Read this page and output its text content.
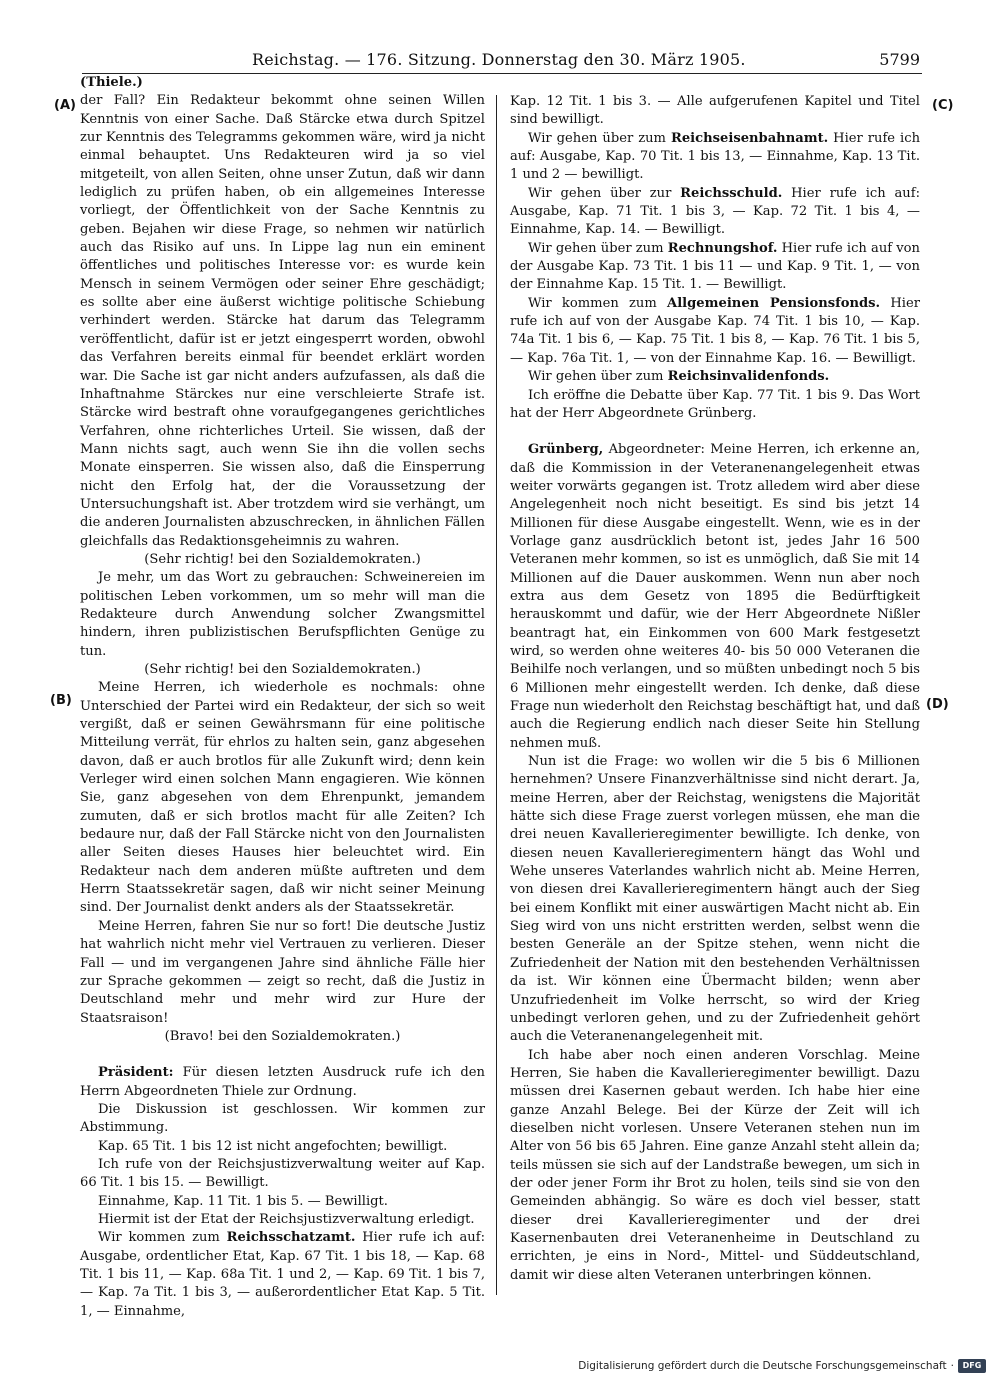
Reichstag. — 176. Sitzung. Donnerstag den 30. März 1905.	5799
(A)
(B)
(C)
(D)

(Thiele.)

der Fall? Ein Redakteur bekommt ohne seinen Willen Kenntnis von einer Sache. Daß Stärcke etwa durch Spitzel zur Kenntnis des Telegramms gekommen wäre, wird ja nicht einmal behauptet. Uns Redakteuren wird ja so viel mitgeteilt, von allen Seiten, ohne unser Zutun, daß wir dann lediglich zu prüfen haben, ob ein allgemeines Interesse vorliegt, der Öffentlichkeit von der Sache Kenntnis zu geben. Bejahen wir diese Frage, so nehmen wir natürlich auch das Risiko auf uns. In Lippe lag nun ein eminent öffentliches und politisches Interesse vor: es wurde kein Mensch in seinem Vermögen oder seiner Ehre geschädigt; es sollte aber eine äußerst wichtige politische Schiebung verhindert werden. Stärcke hat darum das Telegramm veröffentlicht, dafür ist er jetzt eingesperrt worden, obwohl das Verfahren bereits einmal für beendet erklärt worden war. Die Sache ist gar nicht anders aufzufassen, als daß die Inhaftnahme Stärckes nur eine verschleierte Strafe ist. Stärcke wird bestraft ohne voraufgegangenes gerichtliches Verfahren, ohne richterliches Urteil. Sie wissen, daß der Mann nichts sagt, auch wenn Sie ihn die vollen sechs Monate einsperren. Sie wissen also, daß die Einsperrung nicht den Erfolg hat, der die Voraussetzung der Untersuchungshaft ist. Aber trotzdem wird sie verhängt, um die anderen Journalisten abzuschrecken, in ähnlichen Fällen gleichfalls das Redaktionsgeheimnis zu wahren.

(Sehr richtig! bei den Sozialdemokraten.)

Je mehr, um das Wort zu gebrauchen: Schweinereien im politischen Leben vorkommen, um so mehr will man die Redakteure durch Anwendung solcher Zwangsmittel hindern, ihren publizistischen Berufspflichten Genüge zu tun.

(Sehr richtig! bei den Sozialdemokraten.)

Meine Herren, ich wiederhole es nochmals: ohne Unterschied der Partei wird ein Redakteur, der sich so weit vergißt, daß er seinen Gewährsmann für eine politische Mitteilung verrät, für ehrlos zu halten sein, ganz abgesehen davon, daß er auch brotlos für alle Zukunft wird; denn kein Verleger wird einen solchen Mann engagieren. Wie können Sie, ganz abgesehen von dem Ehrenpunkt, jemandem zumuten, daß er sich brotlos macht für alle Zeiten? Ich bedaure nur, daß der Fall Stärcke nicht von den Journalisten aller Seiten dieses Hauses hier beleuchtet wird. Ein Redakteur nach dem anderen müßte auftreten und dem Herrn Staatssekretär sagen, daß wir nicht seiner Meinung sind. Der Journalist denkt anders als der Staatssekretär.

Meine Herren, fahren Sie nur so fort! Die deutsche Justiz hat wahrlich nicht mehr viel Vertrauen zu verlieren. Dieser Fall — und im vergangenen Jahre sind ähnliche Fälle hier zur Sprache gekommen — zeigt so recht, daß die Justiz in Deutschland mehr und mehr wird zur Hure der Staatsraison!

(Bravo! bei den Sozialdemokraten.)

Präsident: Für diesen letzten Ausdruck rufe ich den Herrn Abgeordneten Thiele zur Ordnung.

Die Diskussion ist geschlossen. Wir kommen zur Abstimmung.

Kap. 65 Tit. 1 bis 12 ist nicht angefochten; bewilligt.

Ich rufe von der Reichsjustizverwaltung weiter auf Kap. 66 Tit. 1 bis 15. — Bewilligt.

Einnahme, Kap. 11 Tit. 1 bis 5. — Bewilligt.

Hiermit ist der Etat der Reichsjustizverwaltung erledigt.

Wir kommen zum Reichsschatzamt. Hier rufe ich auf: Ausgabe, ordentlicher Etat, Kap. 67 Tit. 1 bis 18, — Kap. 68 Tit. 1 bis 11, — Kap. 68a Tit. 1 und 2, — Kap. 69 Tit. 1 bis 7, — Kap. 7a Tit. 1 bis 3, — außerordentlicher Etat Kap. 5 Tit. 1, — Einnahme,

Kap. 12 Tit. 1 bis 3. — Alle aufgerufenen Kapitel und Titel sind bewilligt.

Wir gehen über zum Reichseisenbahnamt. Hier rufe ich auf: Ausgabe, Kap. 70 Tit. 1 bis 13, — Einnahme, Kap. 13 Tit. 1 und 2 — bewilligt.

Wir gehen über zur Reichsschuld. Hier rufe ich auf: Ausgabe, Kap. 71 Tit. 1 bis 3, — Kap. 72 Tit. 1 bis 4, — Einnahme, Kap. 14. — Bewilligt.

Wir gehen über zum Rechnungshof. Hier rufe ich auf von der Ausgabe Kap. 73 Tit. 1 bis 11 — und Kap. 9 Tit. 1, — von der Einnahme Kap. 15 Tit. 1. — Bewilligt.

Wir kommen zum Allgemeinen Pensionsfonds. Hier rufe ich auf von der Ausgabe Kap. 74 Tit. 1 bis 10, — Kap. 74a Tit. 1 bis 6, — Kap. 75 Tit. 1 bis 8, — Kap. 76 Tit. 1 bis 5, — Kap. 76a Tit. 1, — von der Einnahme Kap. 16. — Bewilligt.

Wir gehen über zum Reichsinvalidenfonds.

Ich eröffne die Debatte über Kap. 77 Tit. 1 bis 9. Das Wort hat der Herr Abgeordnete Grünberg.

Grünberg, Abgeordneter: Meine Herren, ich erkenne an, daß die Kommission in der Veteranenangelegenheit etwas weiter vorwärts gegangen ist. Trotz alledem wird aber diese Angelegenheit noch nicht beseitigt. Es sind bis jetzt 14 Millionen für diese Ausgabe eingestellt. Wenn, wie es in der Vorlage ganz ausdrücklich betont ist, jedes Jahr 16 500 Veteranen mehr kommen, so ist es unmöglich, daß Sie mit 14 Millionen auf die Dauer auskommen. Wenn nun aber noch extra aus dem Gesetz von 1895 die Bedürftigkeit herauskommt und dafür, wie der Herr Abgeordnete Nißler beantragt hat, ein Einkommen von 600 Mark festgesetzt wird, so werden ohne weiteres 40- bis 50 000 Veteranen die Beihilfe noch verlangen, und so müßten unbedingt noch 5 bis 6 Millionen mehr eingestellt werden. Ich denke, daß diese Frage nun wiederholt den Reichstag beschäftigt hat, und daß auch die Regierung endlich nach dieser Seite hin Stellung nehmen muß.

Nun ist die Frage: wo wollen wir die 5 bis 6 Millionen hernehmen? Unsere Finanzverhältnisse sind nicht derart. Ja, meine Herren, aber der Reichstag, wenigstens die Majorität hätte sich diese Frage zuerst vorlegen müssen, ehe man die drei neuen Kavallerieregimenter bewilligte. Ich denke, von diesen neuen Kavallerieregimentern hängt das Wohl und Wehe unseres Vaterlandes wahrlich nicht ab. Meine Herren, von diesen drei Kavallerieregimentern hängt auch der Sieg bei einem Konflikt mit einer auswärtigen Macht nicht ab. Ein Sieg wird von uns nicht erstritten werden, selbst wenn die besten Generäle an der Spitze stehen, wenn nicht die Zufriedenheit der Nation mit den bestehenden Verhältnissen da ist. Wir können eine Übermacht bilden; wenn aber Unzufriedenheit im Volke herrscht, so wird der Krieg unbedingt verloren gehen, und zu der Zufriedenheit gehört auch die Veteranenangelegenheit mit.

Ich habe aber noch einen anderen Vorschlag. Meine Herren, Sie haben die Kavallerieregimenter bewilligt. Dazu müssen drei Kasernen gebaut werden. Ich habe hier eine ganze Anzahl Belege. Bei der Kürze der Zeit will ich dieselben nicht vorlesen. Unsere Veteranen stehen nun im Alter von 56 bis 65 Jahren. Eine ganze Anzahl steht allein da; teils müssen sie sich auf der Landstraße bewegen, um sich in der oder jener Form ihr Brot zu holen, teils sind sie von den Gemeinden abhängig. So wäre es doch viel besser, statt dieser drei Kavallerieregimenter und der drei Kasernenbauten drei Veteranenheime in Deutschland zu errichten, je eins in Nord-, Mittel- und Süddeutschland, damit wir diese alten Veteranen unterbringen können.

Digitalisierung gefördert durch die Deutsche Forschungsgemeinschaft ·	DFG
